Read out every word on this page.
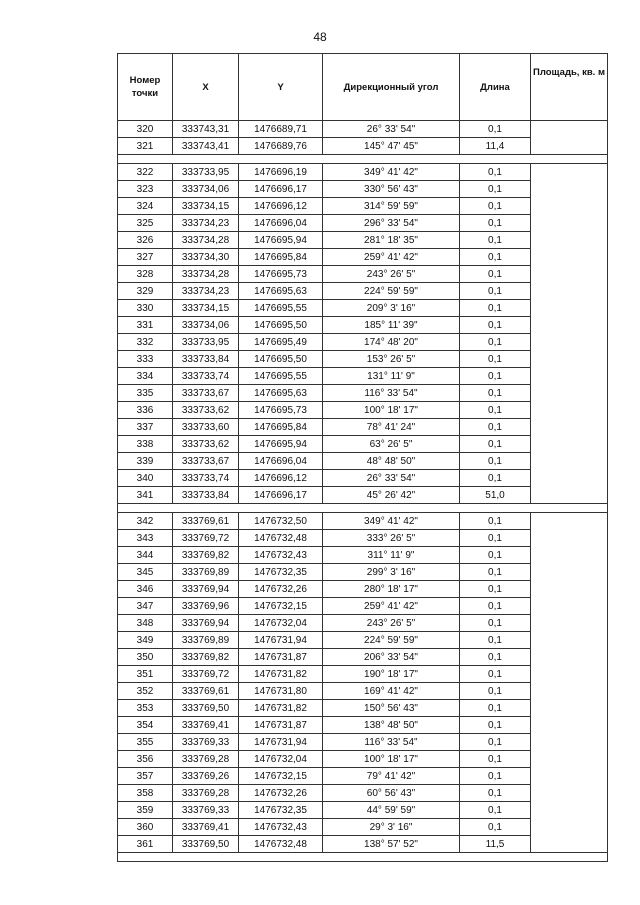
48
Номер точки	X	Y	Дирекционный угол	Длина	Площадь, кв. м
320	333743,31	1476689,71	26° 33' 54"	0,1	
321	333743,41	1476689,76	145° 47' 45"	11,4	

322	333733,95	1476696,19	349° 41' 42"	0,1	
323	333734,06	1476696,17	330° 56' 43"	0,1	
324	333734,15	1476696,12	314° 59' 59"	0,1	
325	333734,23	1476696,04	296° 33' 54"	0,1	
326	333734,28	1476695,94	281° 18' 35"	0,1	
327	333734,30	1476695,84	259° 41' 42"	0,1	
328	333734,28	1476695,73	243° 26' 5"	0,1	
329	333734,23	1476695,63	224° 59' 59"	0,1	
330	333734,15	1476695,55	209° 3' 16"	0,1	
331	333734,06	1476695,50	185° 11' 39"	0,1	
332	333733,95	1476695,49	174° 48' 20"	0,1	
333	333733,84	1476695,50	153° 26' 5"	0,1	
334	333733,74	1476695,55	131° 11' 9"	0,1	
335	333733,67	1476695,63	116° 33' 54"	0,1	
336	333733,62	1476695,73	100° 18' 17"	0,1	
337	333733,60	1476695,84	78° 41' 24"	0,1	
338	333733,62	1476695,94	63° 26' 5"	0,1	
339	333733,67	1476696,04	48° 48' 50"	0,1	
340	333733,74	1476696,12	26° 33' 54"	0,1	
341	333733,84	1476696,17	45° 26' 42"	51,0	

342	333769,61	1476732,50	349° 41' 42"	0,1	
343	333769,72	1476732,48	333° 26' 5"	0,1	
344	333769,82	1476732,43	311° 11' 9"	0,1	
345	333769,89	1476732,35	299° 3' 16"	0,1	
346	333769,94	1476732,26	280° 18' 17"	0,1	
347	333769,96	1476732,15	259° 41' 42"	0,1	
348	333769,94	1476732,04	243° 26' 5"	0,1	
349	333769,89	1476731,94	224° 59' 59"	0,1	
350	333769,82	1476731,87	206° 33' 54"	0,1	
351	333769,72	1476731,82	190° 18' 17"	0,1	
352	333769,61	1476731,80	169° 41' 42"	0,1	
353	333769,50	1476731,82	150° 56' 43"	0,1	
354	333769,41	1476731,87	138° 48' 50"	0,1	
355	333769,33	1476731,94	116° 33' 54"	0,1	
356	333769,28	1476732,04	100° 18' 17"	0,1	
357	333769,26	1476732,15	79° 41' 42"	0,1	
358	333769,28	1476732,26	60° 56' 43"	0,1	
359	333769,33	1476732,35	44° 59' 59"	0,1	
360	333769,41	1476732,43	29° 3' 16"	0,1	
361	333769,50	1476732,48	138° 57' 52"	11,5	
